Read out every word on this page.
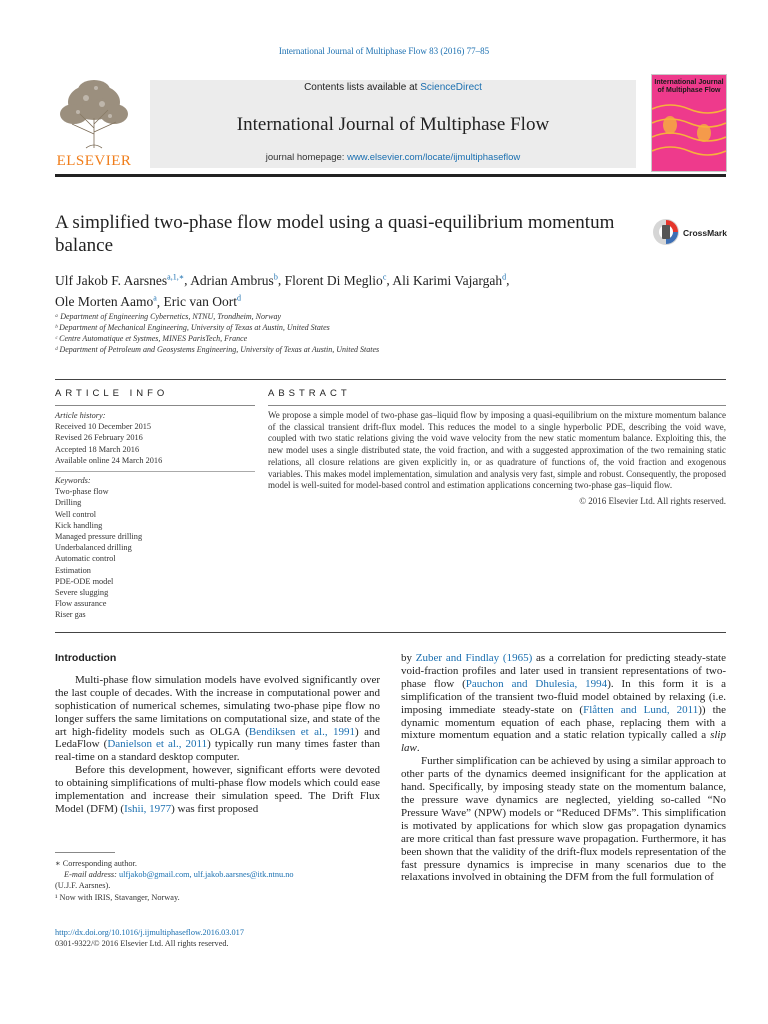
International Journal of Multiphase Flow 83 (2016) 77–85
ELSEVIER
Contents lists available at ScienceDirect
International Journal of Multiphase Flow
journal homepage: www.elsevier.com/locate/ijmultiphaseflow
International Journal of Multiphase Flow
A simplified two-phase flow model using a quasi-equilibrium momentum balance
CrossMark
Ulf Jakob F. Aarsnes$^{a,1,∗}$, Adrian Ambrus$^b$, Florent Di Meglio$^c$, Ali Karimi Vajargah$^d$,
Ole Morten Aamo$^a$, Eric van Oort$^d$
ᵃ Department of Engineering Cybernetics, NTNU, Trondheim, Norway
ᵇ Department of Mechanical Engineering, University of Texas at Austin, United States
ᶜ Centre Automatique et Systmes, MINES ParisTech, France
ᵈ Department of Petroleum and Geosystems Engineering, University of Texas at Austin, United States
ARTICLE INFO	ABSTRACT
Article history:
Received 10 December 2015
Revised 26 February 2016
Accepted 18 March 2016
Available online 24 March 2016
Keywords:
Two-phase flow
Drilling
Well control
Kick handling
Managed pressure drilling
Underbalanced drilling
Automatic control
Estimation
PDE-ODE model
Severe slugging
Flow assurance
Riser gas
We propose a simple model of two-phase gas–liquid flow by imposing a quasi-equilibrium on the mixture momentum balance of the classical transient drift-flux model. This reduces the model to a single hyperbolic PDE, describing the void wave, coupled with two static relations giving the void wave velocity from the new static momentum balance. Exploiting this, the new model uses a single distributed state, the void fraction, and with a suggested approximation of the two remaining static relations, all closure relations are given explicitly in, or as quadrature of functions of, the void fraction and exogenous variables. This makes model implementation, simulation and analysis very fast, simple and robust. Consequently, the proposed model is well-suited for model-based control and estimation applications concerning two-phase gas–liquid flow.
© 2016 Elsevier Ltd. All rights reserved.
Introduction

Multi-phase flow simulation models have evolved significantly over the last couple of decades. With the increase in computational power and sophistication of numerical schemes, simulating two-phase pipe flow no longer suffers the same limitations on computational size, and state of the art high-fidelity models such as OLGA (Bendiksen et al., 1991) and LedaFlow (Danielson et al., 2011) typically run many times faster than real-time on a standard desktop computer.

Before this development, however, significant efforts were devoted to obtaining simplifications of multi-phase flow models which could ease implementation and increase their simulation speed. The Drift Flux Model (DFM) (Ishii, 1977) was first proposed

by Zuber and Findlay (1965) as a correlation for predicting steady-state void-fraction profiles and later used in transient representations of two-phase flow (Pauchon and Dhulesia, 1994). In this form it is a simplification of the transient two-fluid model obtained by relaxing (i.e. imposing immediate steady-state on (Flåtten and Lund, 2011)) the dynamic momentum equation of each phase, replacing them with a mixture momentum equation and a static relation typically called a slip law.

Further simplification can be achieved by using a similar approach to other parts of the dynamics deemed insignificant for the application at hand. Specifically, by imposing steady state on the momentum balance, the pressure wave dynamics are neglected, yielding so-called “No Pressure Wave” (NPW) models or “Reduced DFMs”. This simplification is motivated by applications for which slow gas propagation dynamics are more critical than fast pressure wave propagation. Furthermore, it has been shown that the validity of the drift-flux models representation of the fast pressure dynamics is imprecise in many scenarios due to the relaxations involved in obtaining the DFM from the full formulation of

∗ Corresponding author.
E-mail address: ulfjakob@gmail.com, ulf.jakob.aarsnes@itk.ntnu.no
(U.J.F. Aarsnes).
¹ Now with IRIS, Stavanger, Norway.
http://dx.doi.org/10.1016/j.ijmultiphaseflow.2016.03.017
0301-9322/© 2016 Elsevier Ltd. All rights reserved.
